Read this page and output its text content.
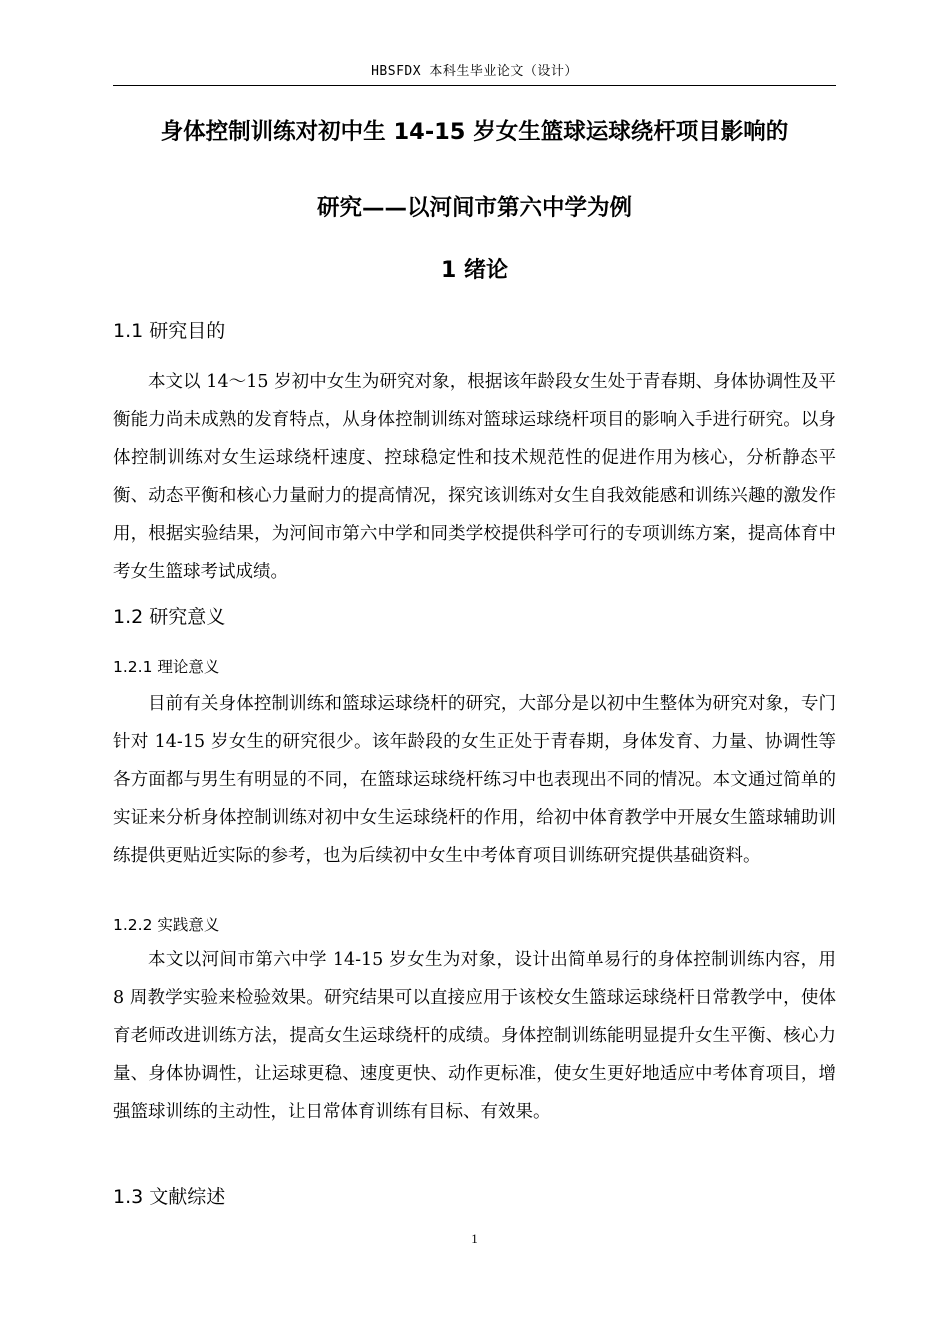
HBSFDX 本科生毕业论文（设计）
身体控制训练对初中生 14-15 岁女生篮球运球绕杆项目影响的
研究——以河间市第六中学为例
1 绪论
1.1 研究目的

本文以 14～15 岁初中女生为研究对象，根据该年龄段女生处于青春期、身体协调性及平衡能力尚未成熟的发育特点，从身体控制训练对篮球运球绕杆项目的影响入手进行研究。以身体控制训练对女生运球绕杆速度、控球稳定性和技术规范性的促进作用为核心，分析静态平衡、动态平衡和核心力量耐力的提高情况，探究该训练对女生自我效能感和训练兴趣的激发作用，根据实验结果，为河间市第六中学和同类学校提供科学可行的专项训练方案，提高体育中考女生篮球考试成绩。

1.2 研究意义
1.2.1 理论意义

目前有关身体控制训练和篮球运球绕杆的研究，大部分是以初中生整体为研究对象，专门针对 14-15 岁女生的研究很少。该年龄段的女生正处于青春期，身体发育、力量、协调性等各方面都与男生有明显的不同，在篮球运球绕杆练习中也表现出不同的情况。本文通过简单的实证来分析身体控制训练对初中女生运球绕杆的作用，给初中体育教学中开展女生篮球辅助训练提供更贴近实际的参考，也为后续初中女生中考体育项目训练研究提供基础资料。

1.2.2 实践意义

本文以河间市第六中学 14-15 岁女生为对象，设计出简单易行的身体控制训练内容，用 8 周教学实验来检验效果。研究结果可以直接应用于该校女生篮球运球绕杆日常教学中，使体育老师改进训练方法，提高女生运球绕杆的成绩。身体控制训练能明显提升女生平衡、核心力量、身体协调性，让运球更稳、速度更快、动作更标准，使女生更好地适应中考体育项目，增强篮球训练的主动性，让日常体育训练有目标、有效果。

1.3 文献综述
1
